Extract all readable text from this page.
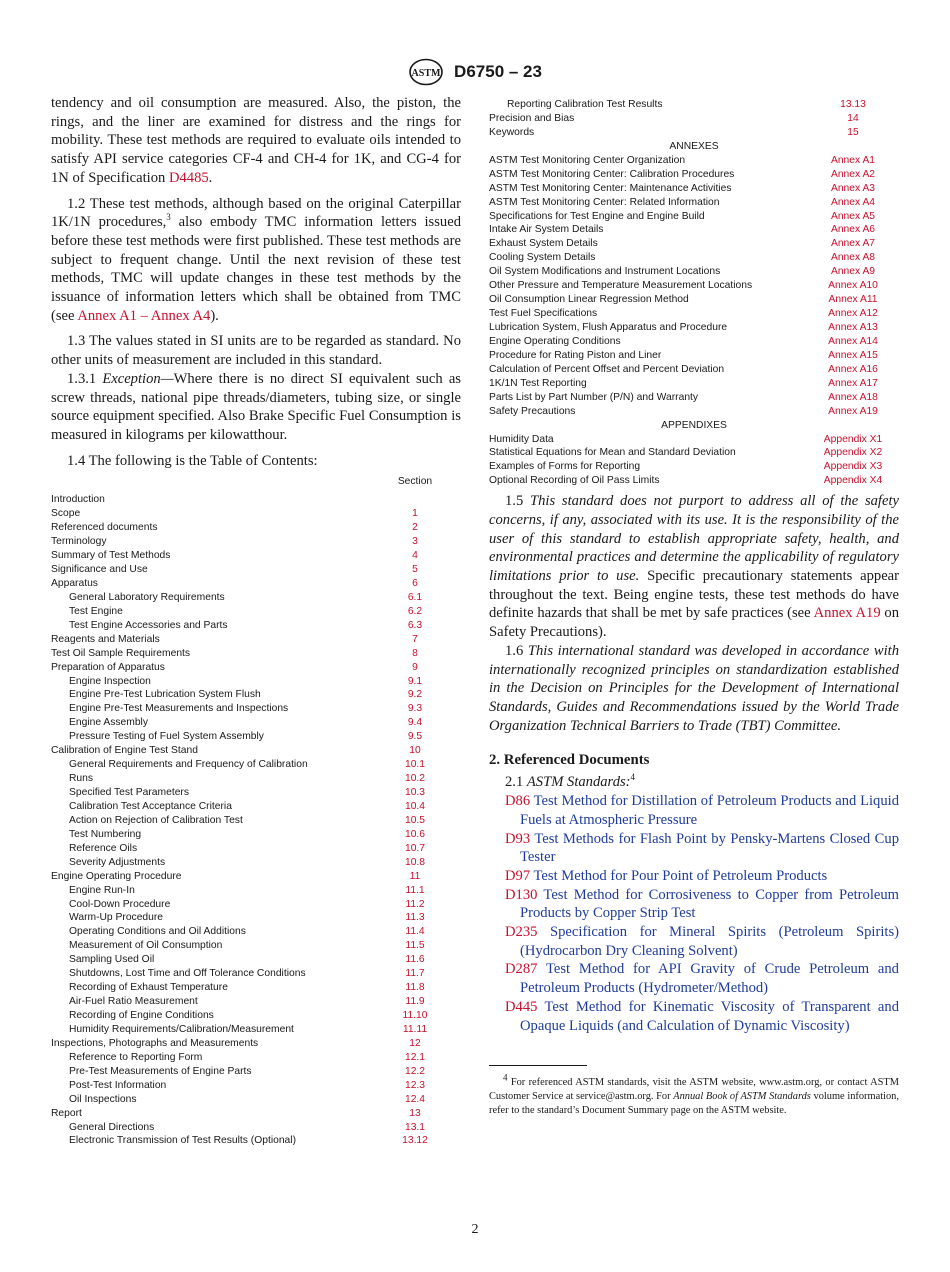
ASTM D6750 – 23

tendency and oil consumption are measured. Also, the piston, the rings, and the liner are examined for distress and the rings for mobility. These test methods are required to evaluate oils intended to satisfy API service categories CF-4 and CH-4 for 1K, and CG-4 for 1N of Specification D4485.

1.2 These test methods, although based on the original Caterpillar 1K/1N procedures,$^3$ also embody TMC information letters issued before these test methods were first published. These test methods are subject to frequent change. Until the next revision of these test methods, TMC will update changes in these test methods by the issuance of information letters which shall be obtained from TMC (see Annex A1 – Annex A4).

1.3 The values stated in SI units are to be regarded as standard. No other units of measurement are included in this standard.

1.3.1 Exception—Where there is no direct SI equivalent such as screw threads, national pipe threads/diameters, tubing size, or single source equipment specified. Also Brake Specific Fuel Consumption is measured in kilograms per kilowatthour.

1.4 The following is the Table of Contents:

Section
Introduction
Scope	1
Referenced documents	2
Terminology	3
Summary of Test Methods	4
Significance and Use	5
Apparatus	6
General Laboratory Requirements	6.1
Test Engine	6.2
Test Engine Accessories and Parts	6.3
Reagents and Materials	7
Test Oil Sample Requirements	8
Preparation of Apparatus	9
Engine Inspection	9.1
Engine Pre-Test Lubrication System Flush	9.2
Engine Pre-Test Measurements and Inspections	9.3
Engine Assembly	9.4
Pressure Testing of Fuel System Assembly	9.5
Calibration of Engine Test Stand	10
General Requirements and Frequency of Calibration	10.1
Runs	10.2
Specified Test Parameters	10.3
Calibration Test Acceptance Criteria	10.4
Action on Rejection of Calibration Test	10.5
Test Numbering	10.6
Reference Oils	10.7
Severity Adjustments	10.8
Engine Operating Procedure	11
Engine Run-In	11.1
Cool-Down Procedure	11.2
Warm-Up Procedure	11.3
Operating Conditions and Oil Additions	11.4
Measurement of Oil Consumption	11.5
Sampling Used Oil	11.6
Shutdowns, Lost Time and Off Tolerance Conditions	11.7
Recording of Exhaust Temperature	11.8
Air-Fuel Ratio Measurement	11.9
Recording of Engine Conditions	11.10
Humidity Requirements/Calibration/Measurement	11.11
Inspections, Photographs and Measurements	12
Reference to Reporting Form	12.1
Pre-Test Measurements of Engine Parts	12.2
Post-Test Information	12.3
Oil Inspections	12.4
Report	13
General Directions	13.1
Electronic Transmission of Test Results (Optional)	13.12
Reporting Calibration Test Results	13.13
Precision and Bias	14
Keywords	15
ANNEXES
ASTM Test Monitoring Center Organization	Annex A1
ASTM Test Monitoring Center: Calibration Procedures	Annex A2
ASTM Test Monitoring Center: Maintenance Activities	Annex A3
ASTM Test Monitoring Center: Related Information	Annex A4
Specifications for Test Engine and Engine Build	Annex A5
Intake Air System Details	Annex A6
Exhaust System Details	Annex A7
Cooling System Details	Annex A8
Oil System Modifications and Instrument Locations	Annex A9
Other Pressure and Temperature Measurement Locations	Annex A10
Oil Consumption Linear Regression Method	Annex A11
Test Fuel Specifications	Annex A12
Lubrication System, Flush Apparatus and Procedure	Annex A13
Engine Operating Conditions	Annex A14
Procedure for Rating Piston and Liner	Annex A15
Calculation of Percent Offset and Percent Deviation	Annex A16
1K/1N Test Reporting	Annex A17
Parts List by Part Number (P/N) and Warranty	Annex A18
Safety Precautions	Annex A19
APPENDIXES
Humidity Data	Appendix X1
Statistical Equations for Mean and Standard Deviation	Appendix X2
Examples of Forms for Reporting	Appendix X3
Optional Recording of Oil Pass Limits	Appendix X4

1.5 This standard does not purport to address all of the safety concerns, if any, associated with its use. It is the responsibility of the user of this standard to establish appropriate safety, health, and environmental practices and determine the applicability of regulatory limitations prior to use. Specific precautionary statements appear throughout the text. Being engine tests, these test methods do have definite hazards that shall be met by safe practices (see Annex A19 on Safety Precautions).

1.6 This international standard was developed in accordance with internationally recognized principles on standardization established in the Decision on Principles for the Development of International Standards, Guides and Recommendations issued by the World Trade Organization Technical Barriers to Trade (TBT) Committee.

2. Referenced Documents

2.1 ASTM Standards:$^4$

D86 Test Method for Distillation of Petroleum Products and Liquid Fuels at Atmospheric Pressure
D93 Test Methods for Flash Point by Pensky-Martens Closed Cup Tester
D97 Test Method for Pour Point of Petroleum Products
D130 Test Method for Corrosiveness to Copper from Petroleum Products by Copper Strip Test
D235 Specification for Mineral Spirits (Petroleum Spirits) (Hydrocarbon Dry Cleaning Solvent)
D287 Test Method for API Gravity of Crude Petroleum and Petroleum Products (Hydrometer/Method)
D445 Test Method for Kinematic Viscosity of Transparent and Opaque Liquids (and Calculation of Dynamic Viscosity)

$^4$ For referenced ASTM standards, visit the ASTM website, www.astm.org, or contact ASTM Customer Service at service@astm.org. For Annual Book of ASTM Standards volume information, refer to the standard’s Document Summary page on the ASTM website.

2
